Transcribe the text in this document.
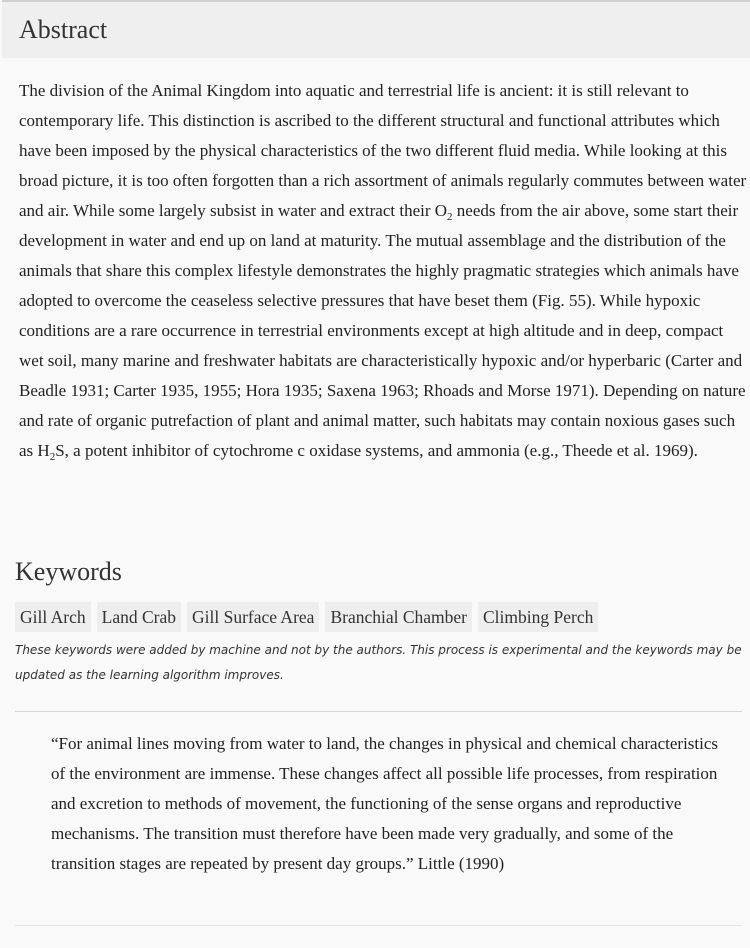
Abstract

The division of the Animal Kingdom into aquatic and terrestrial life is ancient: it is still relevant to contemporary life. This distinction is ascribed to the different structural and functional attributes which have been imposed by the physical characteristics of the two different fluid media. While looking at this broad picture, it is too often forgotten than a rich assortment of animals regularly commutes between water and air. While some largely subsist in water and extract their $O_2$ needs from the air above, some start their development in water and end up on land at maturity. The mutual assemblage and the distribution of the animals that share this complex lifestyle demonstrates the highly pragmatic strategies which animals have adopted to overcome the ceaseless selective pressures that have beset them (Fig. 55). While hypoxic conditions are a rare occurrence in terrestrial environments except at high altitude and in deep, compact wet soil, many marine and freshwater habitats are characteristically hypoxic and/or hyperbaric (Carter and Beadle 1931; Carter 1935, 1955; Hora 1935; Saxena 1963; Rhoads and Morse 1971). Depending on nature and rate of organic putrefaction of plant and animal matter, such habitats may contain noxious gases such as $H_2S$, a potent inhibitor of cytochrome c oxidase systems, and ammonia (e.g., Theede et al. 1969).

Keywords
Gill Arch Land Crab Gill Surface Area Branchial Chamber Climbing Perch
These keywords were added by machine and not by the authors. This process is experimental and the keywords may be updated as the learning algorithm improves.
“For animal lines moving from water to land, the changes in physical and chemical characteristics of the environment are immense. These changes affect all possible life processes, from respiration and excretion to methods of movement, the functioning of the sense organs and reproductive mechanisms. The transition must therefore have been made very gradually, and some of the transition stages are repeated by present day groups.” Little (1990)
